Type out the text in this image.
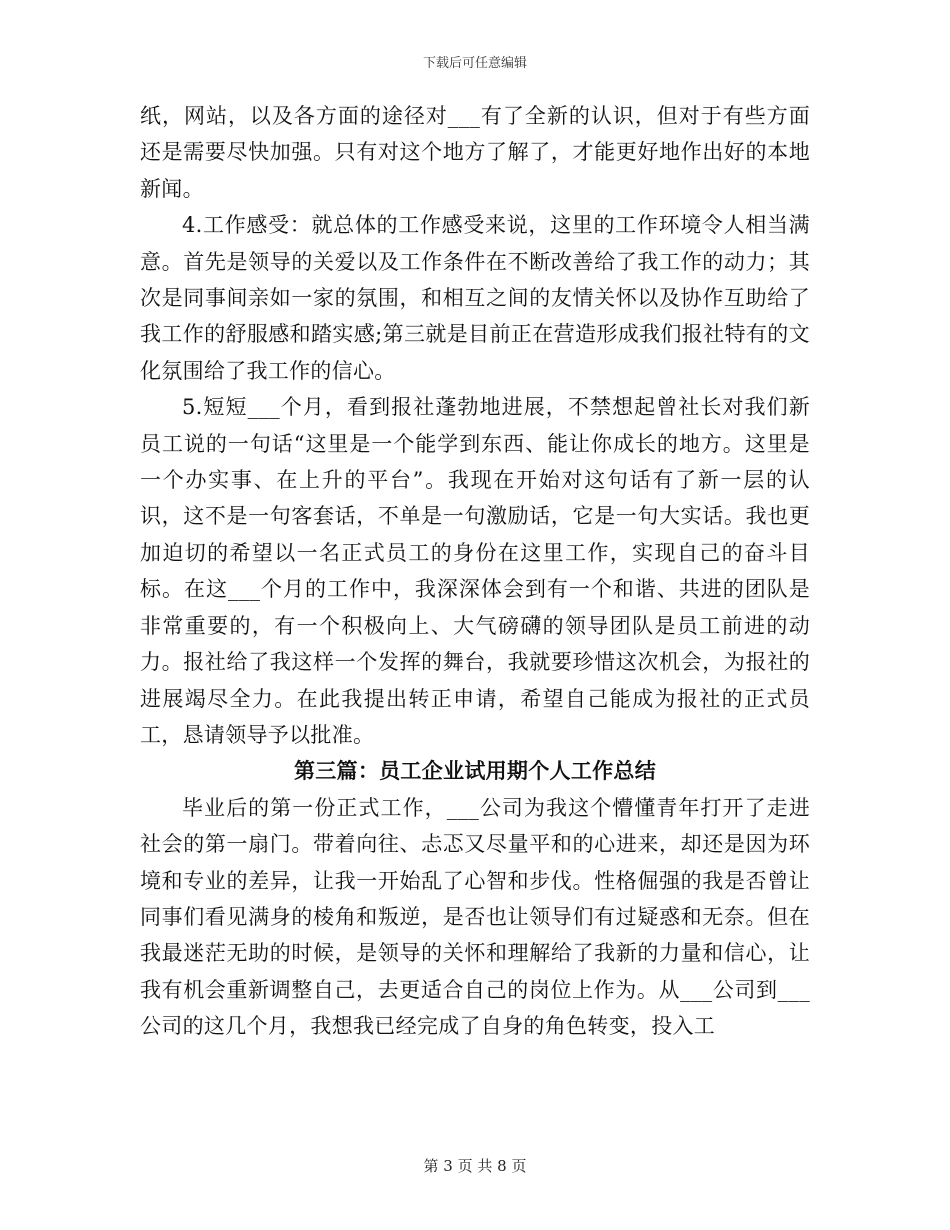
下载后可任意编辑

纸，网站，以及各方面的途径对___有了全新的认识，但对于有些方面还是需要尽快加强。只有对这个地方了解了，才能更好地作出好的本地新闻。

4.工作感受：就总体的工作感受来说，这里的工作环境令人相当满意。首先是领导的关爱以及工作条件在不断改善给了我工作的动力；其次是同事间亲如一家的氛围，和相互之间的友情关怀以及协作互助给了我工作的舒服感和踏实感;第三就是目前正在营造形成我们报社特有的文化氛围给了我工作的信心。

5.短短___个月，看到报社蓬勃地进展，不禁想起曾社长对我们新员工说的一句话“这里是一个能学到东西、能让你成长的地方。这里是一个办实事、在上升的平台”。我现在开始对这句话有了新一层的认识，这不是一句客套话，不单是一句激励话，它是一句大实话。我也更加迫切的希望以一名正式员工的身份在这里工作，实现自己的奋斗目标。在这___个月的工作中，我深深体会到有一个和谐、共进的团队是非常重要的，有一个积极向上、大气磅礴的领导团队是员工前进的动力。报社给了我这样一个发挥的舞台，我就要珍惜这次机会，为报社的进展竭尽全力。在此我提出转正申请，希望自己能成为报社的正式员工，恳请领导予以批准。

第三篇：员工企业试用期个人工作总结

毕业后的第一份正式工作，___公司为我这个懵懂青年打开了走进社会的第一扇门。带着向往、忐忑又尽量平和的心进来，却还是因为环境和专业的差异，让我一开始乱了心智和步伐。性格倔强的我是否曾让同事们看见满身的棱角和叛逆，是否也让领导们有过疑惑和无奈。但在我最迷茫无助的时候，是领导的关怀和理解给了我新的力量和信心，让我有机会重新调整自己，去更适合自己的岗位上作为。从___公司到___公司的这几个月，我想我已经完成了自身的角色转变，投入工

第 3 页 共 8 页
